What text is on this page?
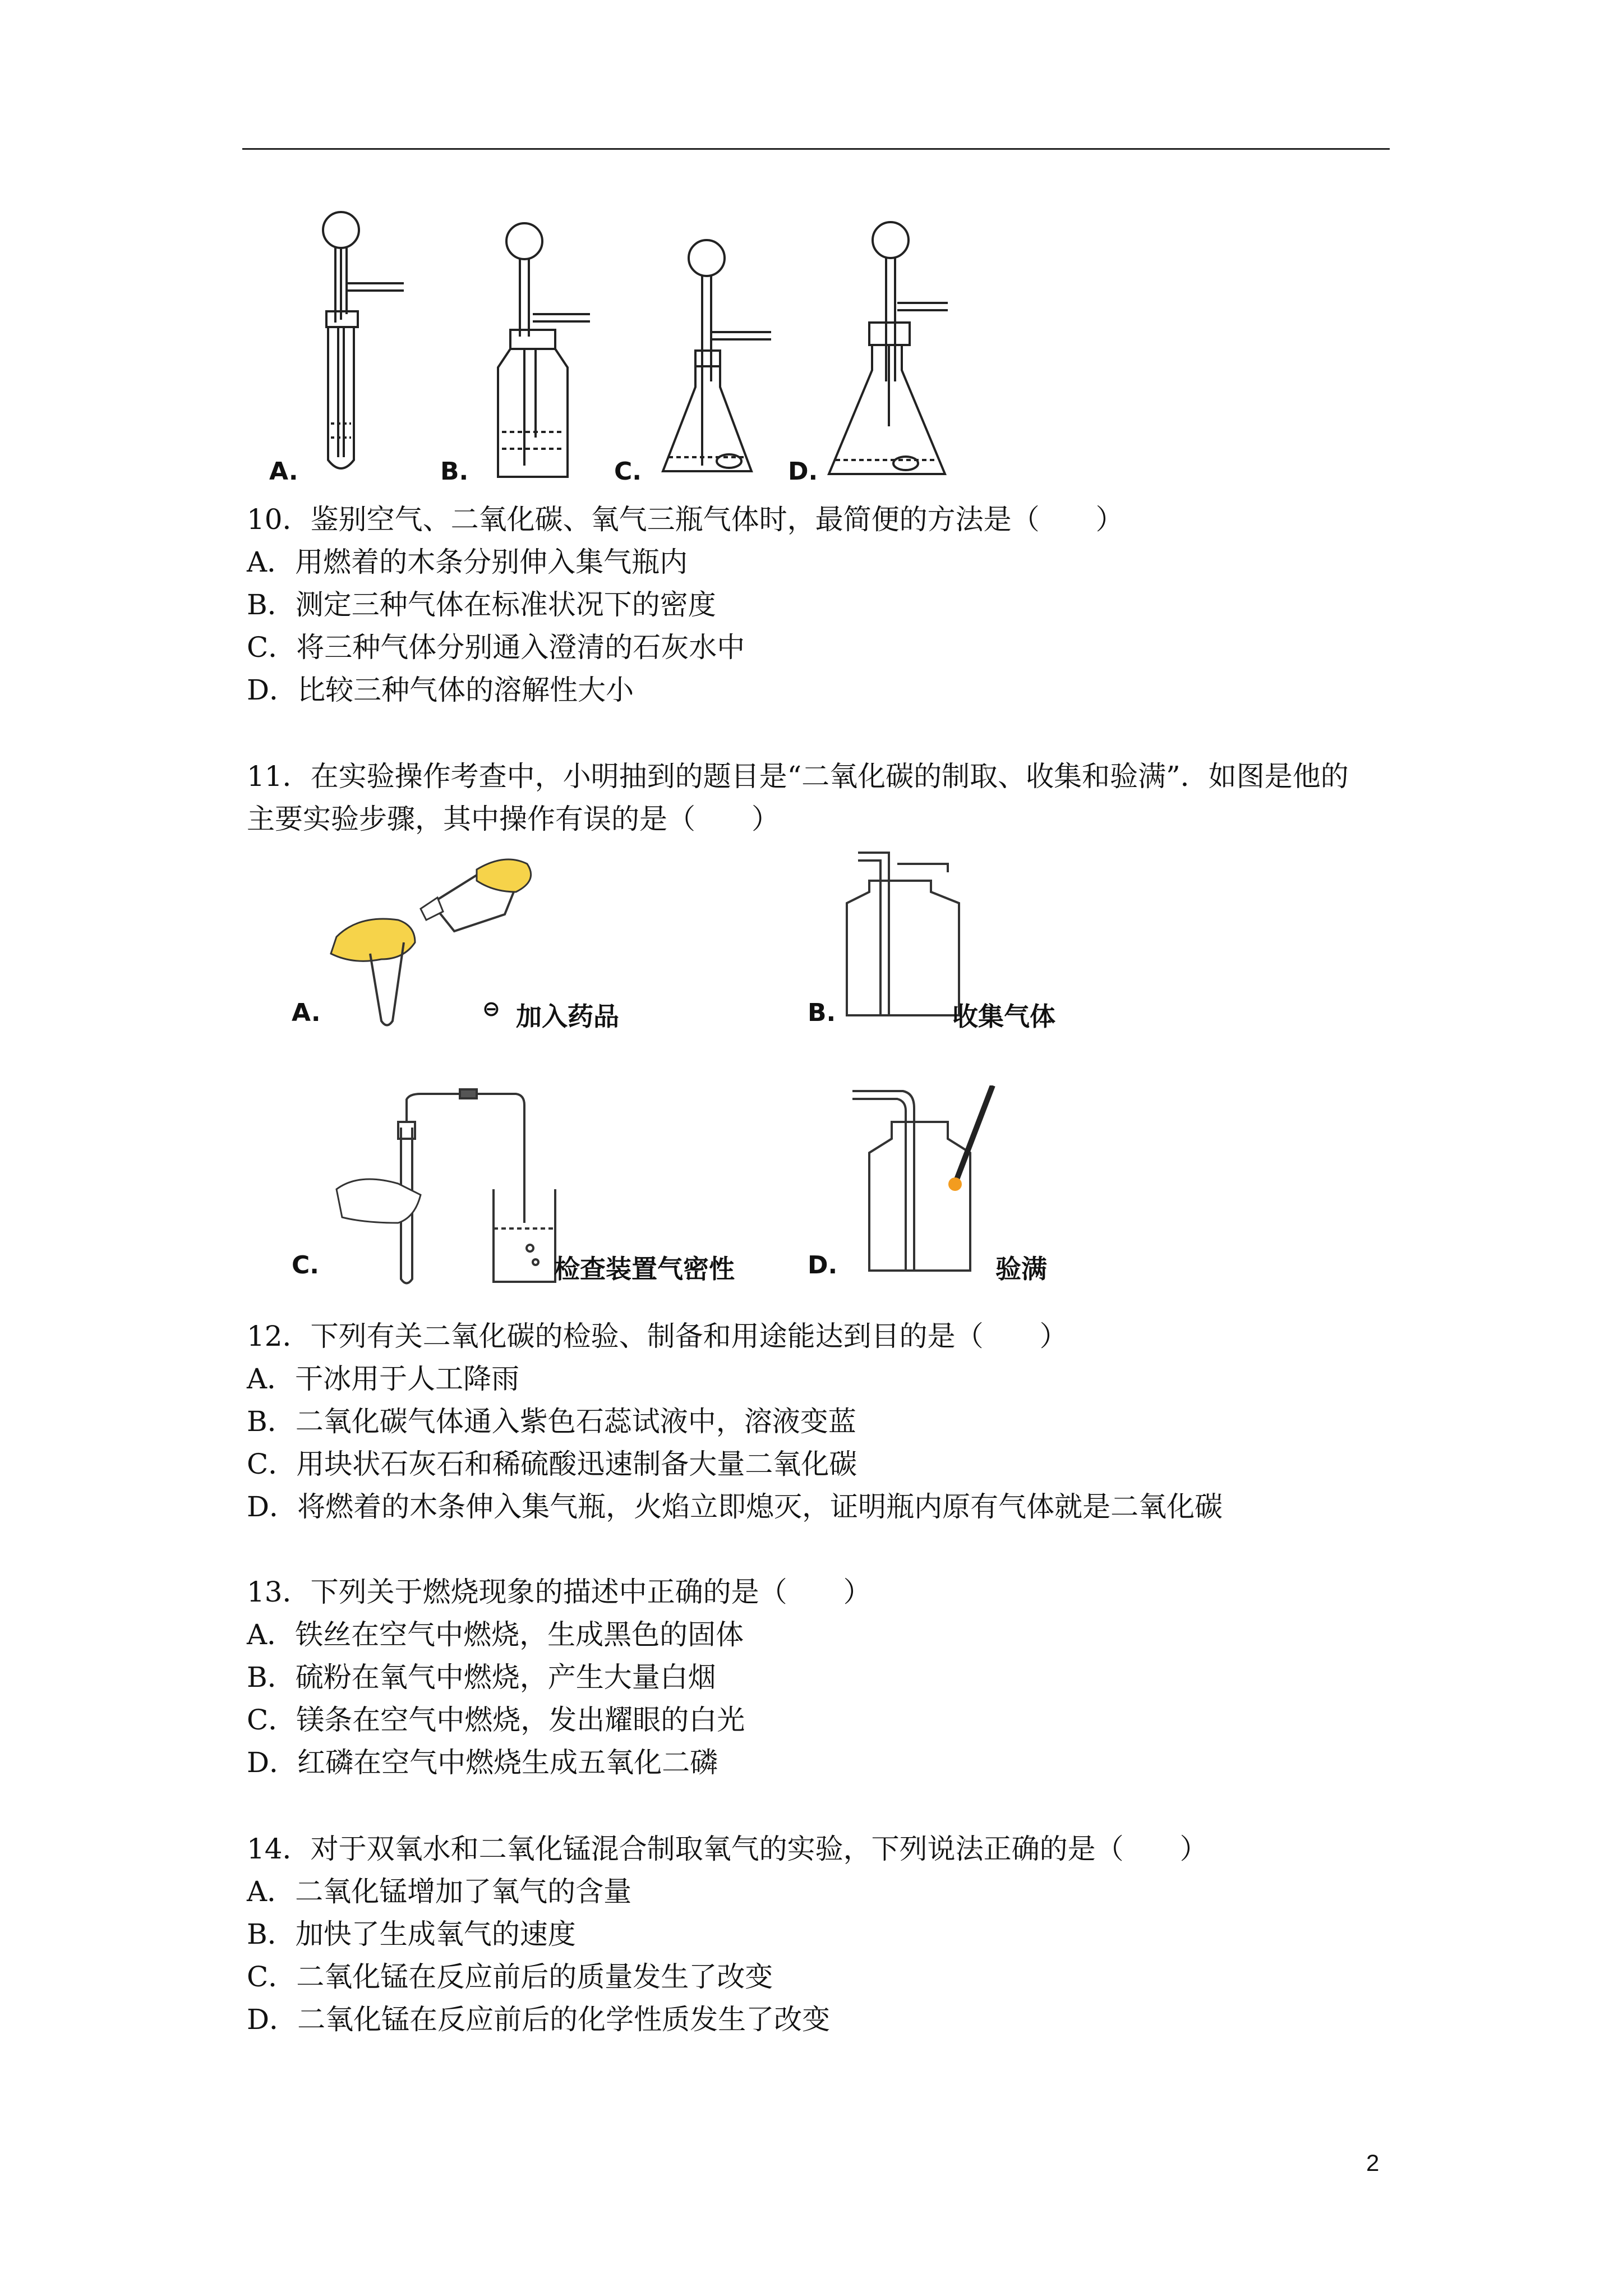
A.	B.	C.	D.
10．鉴别空气、二氧化碳、氧气三瓶气体时，最简便的方法是（　　）
A．用燃着的木条分别伸入集气瓶内
B．测定三种气体在标准状况下的密度
C．将三种气体分别通入澄清的石灰水中
D．比较三种气体的溶解性大小
11．在实验操作考查中，小明抽到的题目是“二氧化碳的制取、收集和验满”．如图是他的
主要实验步骤，其中操作有误的是（　　）
A.	⊖ 加入药品	B.	收集气体
C.	检查装置气密性	D.	验满
12．下列有关二氧化碳的检验、制备和用途能达到目的是（　　）
A．干冰用于人工降雨
B．二氧化碳气体通入紫色石蕊试液中，溶液变蓝
C．用块状石灰石和稀硫酸迅速制备大量二氧化碳
D．将燃着的木条伸入集气瓶，火焰立即熄灭，证明瓶内原有气体就是二氧化碳
13．下列关于燃烧现象的描述中正确的是（　　）
A．铁丝在空气中燃烧，生成黑色的固体
B．硫粉在氧气中燃烧，产生大量白烟
C．镁条在空气中燃烧，发出耀眼的白光
D．红磷在空气中燃烧生成五氧化二磷
14．对于双氧水和二氧化锰混合制取氧气的实验，下列说法正确的是（　　）
A．二氧化锰增加了氧气的含量
B．加快了生成氧气的速度
C．二氧化锰在反应前后的质量发生了改变
D．二氧化锰在反应前后的化学性质发生了改变
2
